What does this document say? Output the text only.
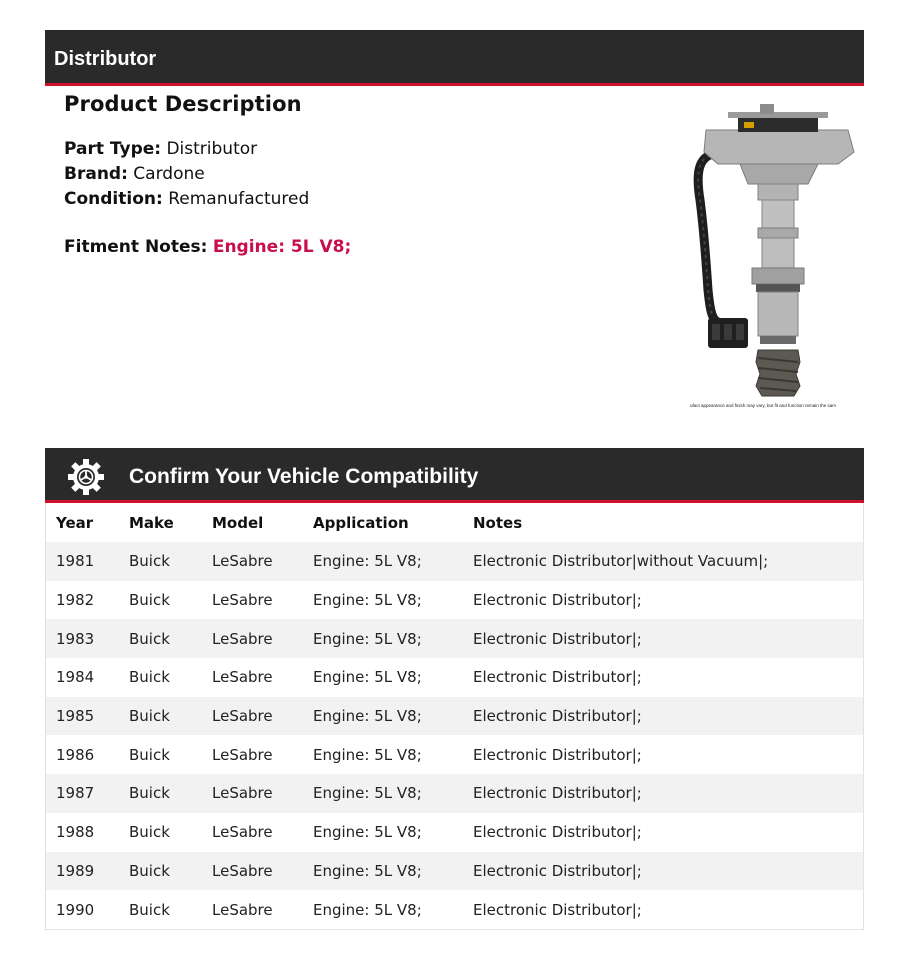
Distributor
Product Description
Part Type: Distributor
Brand: Cardone
Condition: Remanufactured
Fitment Notes: Engine: 5L V8;
ufact appearance and finish may vary, but fit and function remain the sam
Confirm Your Vehicle Compatibility
Year	Make	Model	Application	Notes
1981	Buick	LeSabre	Engine: 5L V8;	Electronic Distributor|without Vacuum|;
1982	Buick	LeSabre	Engine: 5L V8;	Electronic Distributor|;
1983	Buick	LeSabre	Engine: 5L V8;	Electronic Distributor|;
1984	Buick	LeSabre	Engine: 5L V8;	Electronic Distributor|;
1985	Buick	LeSabre	Engine: 5L V8;	Electronic Distributor|;
1986	Buick	LeSabre	Engine: 5L V8;	Electronic Distributor|;
1987	Buick	LeSabre	Engine: 5L V8;	Electronic Distributor|;
1988	Buick	LeSabre	Engine: 5L V8;	Electronic Distributor|;
1989	Buick	LeSabre	Engine: 5L V8;	Electronic Distributor|;
1990	Buick	LeSabre	Engine: 5L V8;	Electronic Distributor|;
